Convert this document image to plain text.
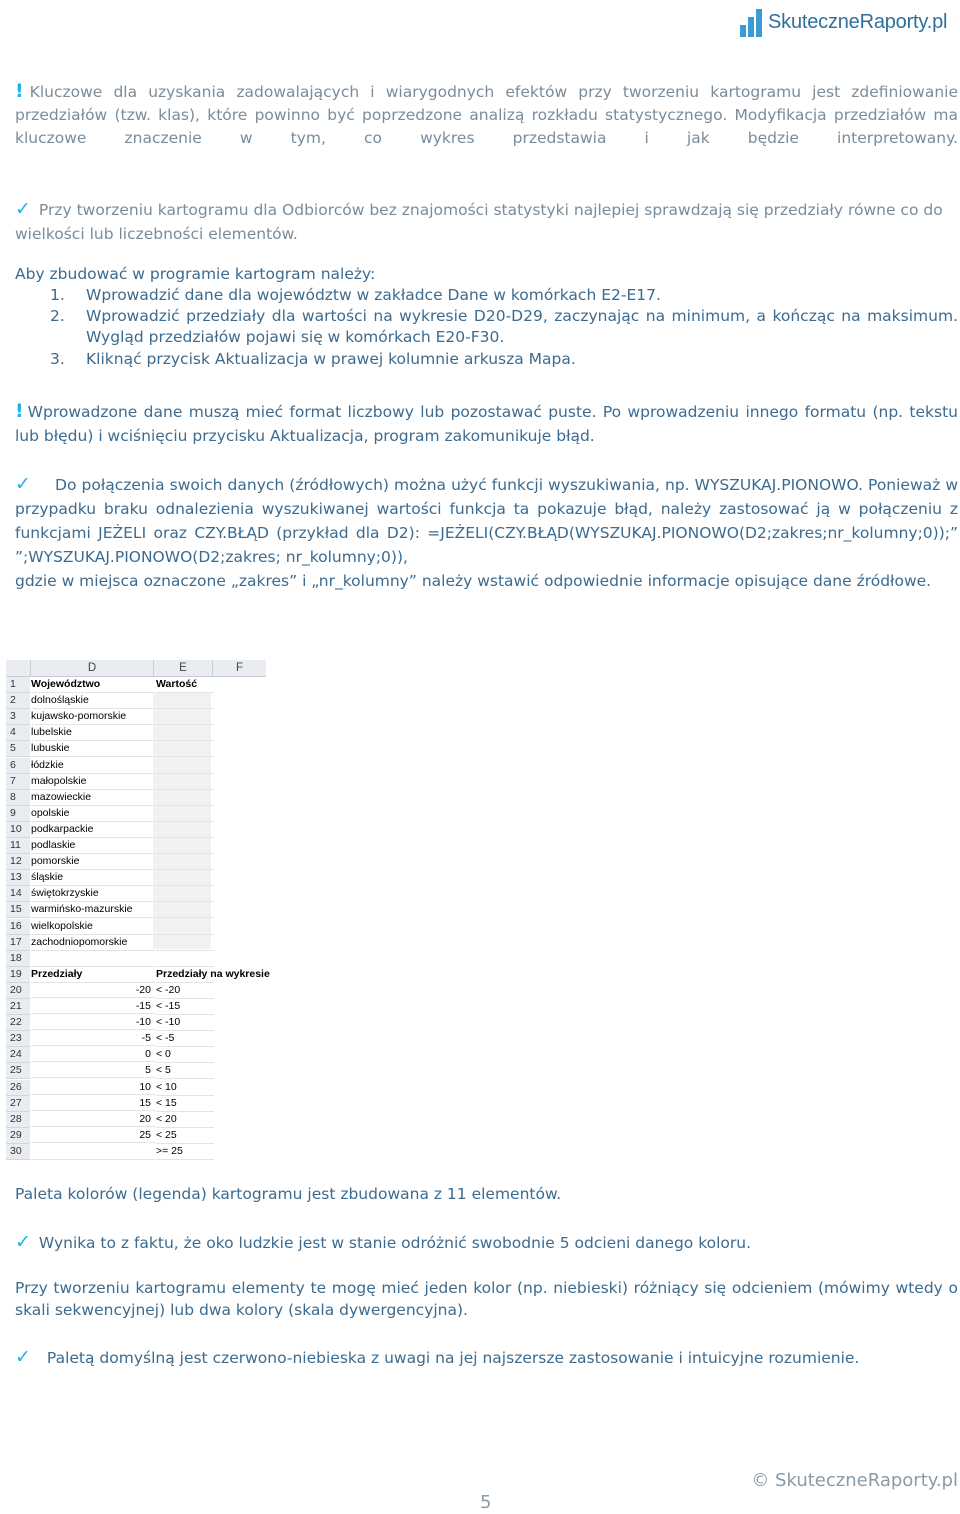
SkuteczneRaporty.pl
! Kluczowe dla uzyskania zadowalających i wiarygodnych efektów przy tworzeniu kartogramu jest zdefiniowanie przedziałów (tzw. klas), które powinno być poprzedzone analizą rozkładu statystycznego. Modyfikacja przedziałów ma kluczowe znaczenie w tym, co wykres przedstawia i jak będzie interpretowany.
✓ Przy tworzeniu kartogramu dla Odbiorców bez znajomości statystyki najlepiej sprawdzają się przedziały równe co do wielkości lub liczebności elementów.
Aby zbudować w programie kartogram należy:
1. Wprowadzić dane dla województw w zakładce Dane w komórkach E2-E17.
2. Wprowadzić przedziały dla wartości na wykresie D20-D29, zaczynając na minimum, a kończąc na maksimum. Wygląd przedziałów pojawi się w komórkach E20-F30.
3. Kliknąć przycisk Aktualizacja w prawej kolumnie arkusza Mapa.
! Wprowadzone dane muszą mieć format liczbowy lub pozostawać puste. Po wprowadzeniu innego formatu (np. tekstu lub błędu) i wciśnięciu przycisku Aktualizacja, program zakomunikuje błąd.
✓ Do połączenia swoich danych (źródłowych) można użyć funkcji wyszukiwania, np. WYSZUKAJ.PIONOWO. Ponieważ w przypadku braku odnalezienia wyszukiwanej wartości funkcja ta pokazuje błąd, należy zastosować ją w połączeniu z funkcjami JEŻELI oraz CZY.BŁĄD (przykład dla D2): =JEŻELI(CZY.BŁĄD(WYSZUKAJ.PIONOWO(D2;zakres;nr_kolumny;0));” ”;WYSZUKAJ.PIONOWO(D2;zakres; nr_kolumny;0)),
gdzie w miejsca oznaczone „zakres” i „nr_kolumny” należy wstawić odpowiednie informacje opisujące dane źródłowe.
D	E	F
1	Województwo	Wartość
2	dolnośląskie
3	kujawsko-pomorskie
4	lubelskie
5	lubuskie
6	łódzkie
7	małopolskie
8	mazowieckie
9	opolskie
10 podkarpackie
11 podlaskie
12 pomorskie
13 śląskie
14 świętokrzyskie
15 warmińsko-mazurskie
16 wielkopolskie
17 zachodniopomorskie
18
19 Przedziały	Przedziały na wykresie
20	-20 < -20
21	-15 < -15
22	-10 < -10
23	-5 < -5
24	0 < 0
25	5 < 5
26	10 < 10
27	15 < 15
28	20 < 20
29	25 < 25
30	>= 25
Paleta kolorów (legenda) kartogramu jest zbudowana z 11 elementów.
✓ Wynika to z faktu, że oko ludzkie jest w stanie odróżnić swobodnie 5 odcieni danego koloru.
Przy tworzeniu kartogramu elementy te mogę mieć jeden kolor (np. niebieski) różniący się odcieniem (mówimy wtedy o skali sekwencyjnej) lub dwa kolory (skala dywergencyjna).
✓ Paletą domyślną jest czerwono-niebieska z uwagi na jej najszersze zastosowanie i intuicyjne rozumienie.
© SkuteczneRaporty.pl
5
